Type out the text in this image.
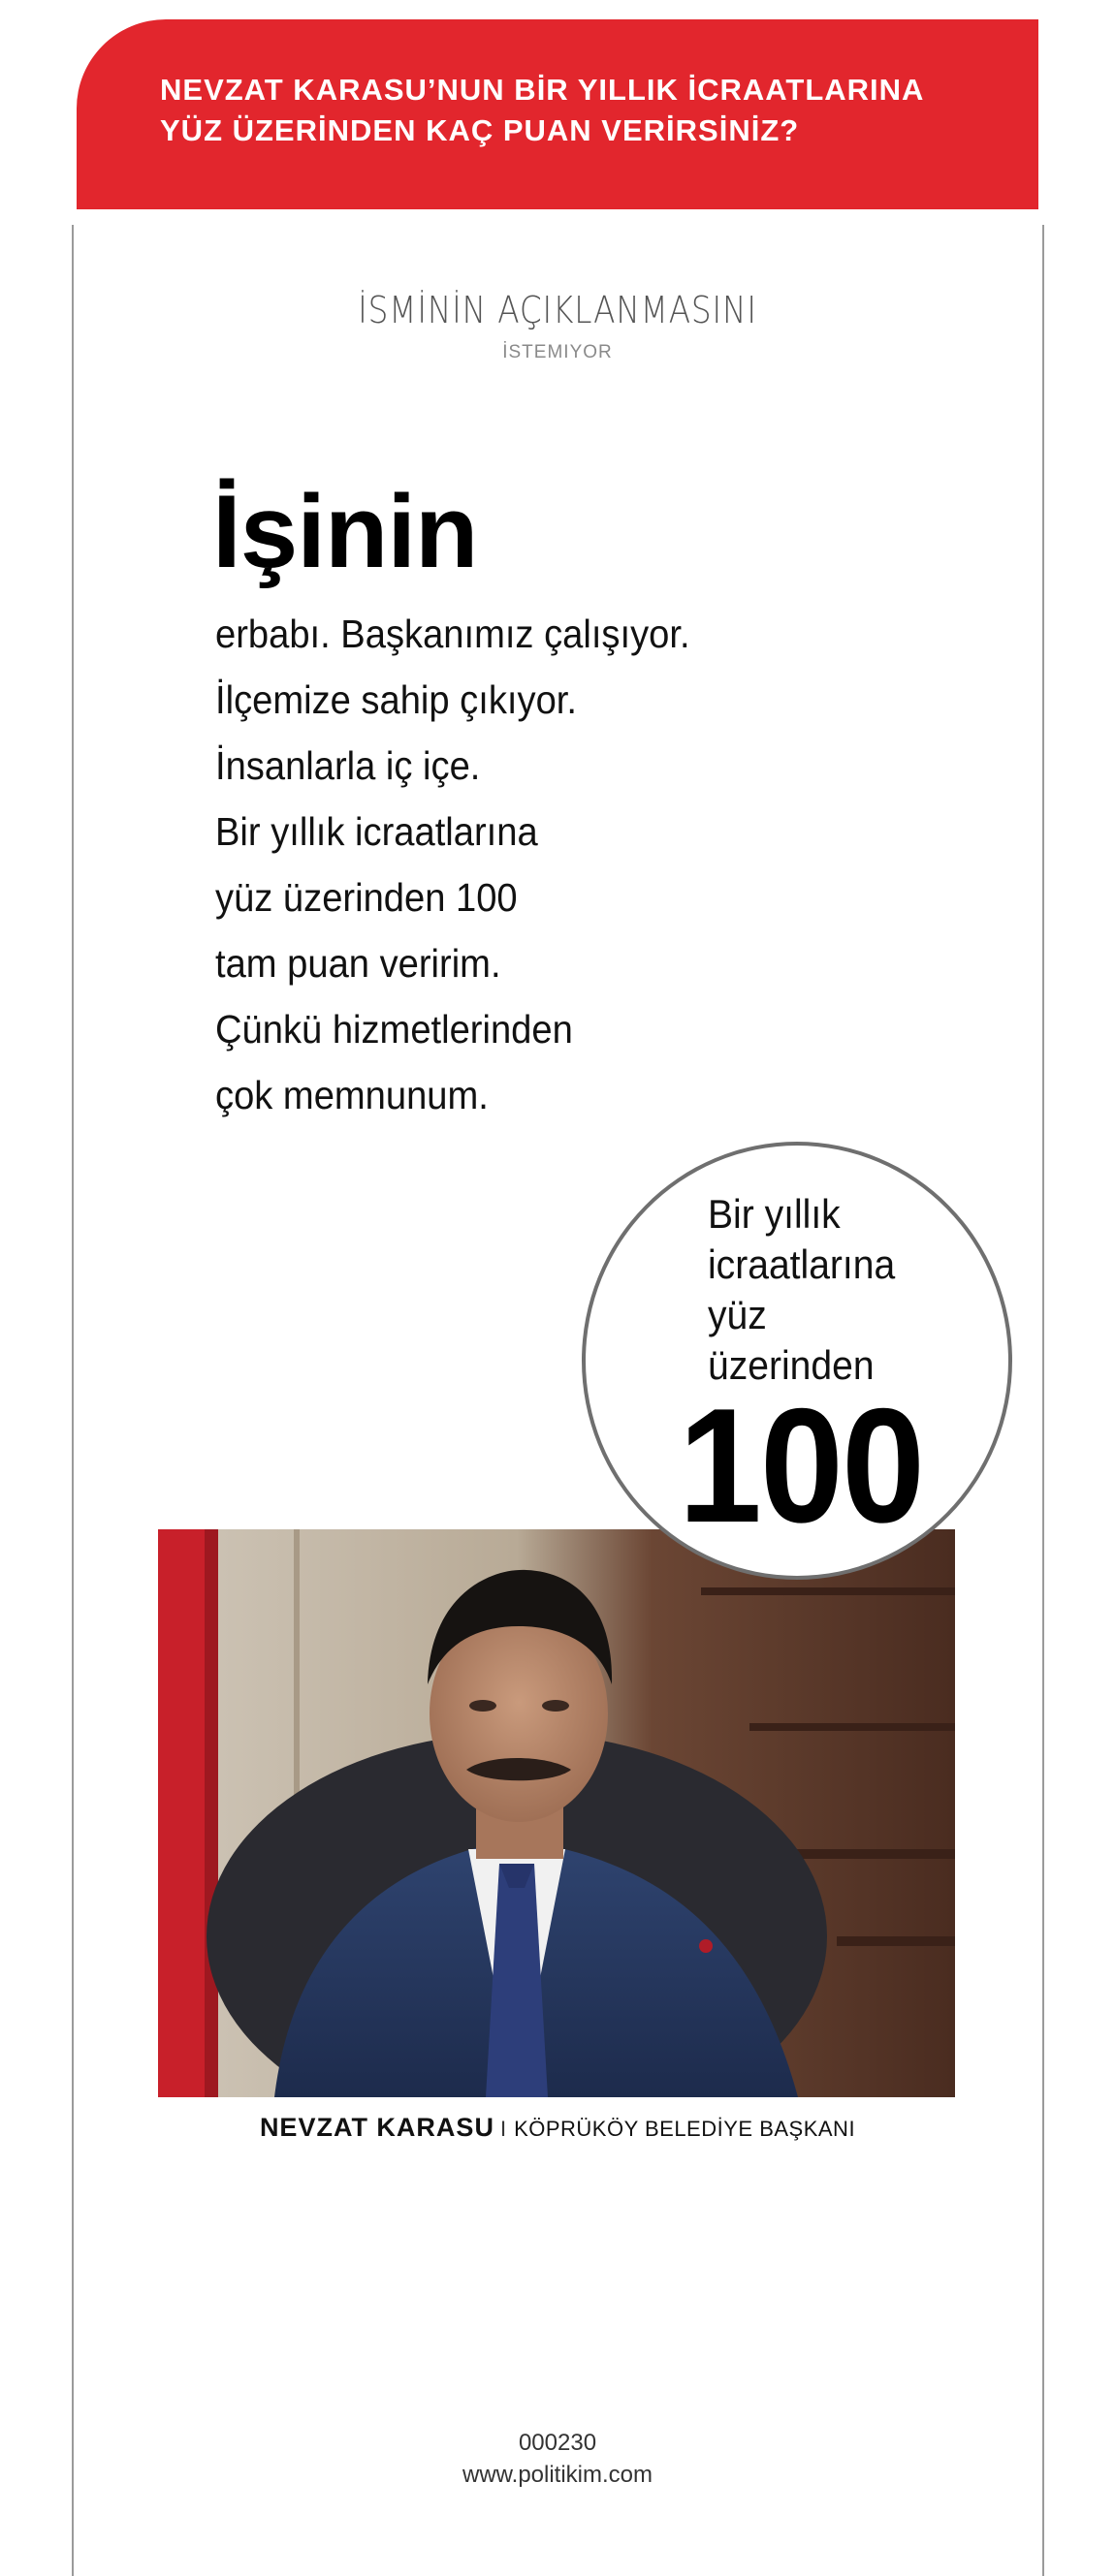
NEVZAT KARASU’NUN BİR YILLIK İCRAATLARINA
YÜZ ÜZERİNDEN KAÇ PUAN VERİRSİNİZ?
İSMİNİN AÇIKLANMASINI
İSTEMIYOR
İşinin
erbabı. Başkanımız çalışıyor.
İlçemize sahip çıkıyor.
İnsanlarla iç içe.
Bir yıllık icraatlarına
yüz üzerinden 100
tam puan veririm.
Çünkü hizmetlerinden
çok memnunum.
Bir yıllık
icraatlarına
yüz
üzerinden
100
NEVZAT KARASU I KÖPRÜKÖY BELEDİYE BAŞKANI
000230
www.politikim.com
